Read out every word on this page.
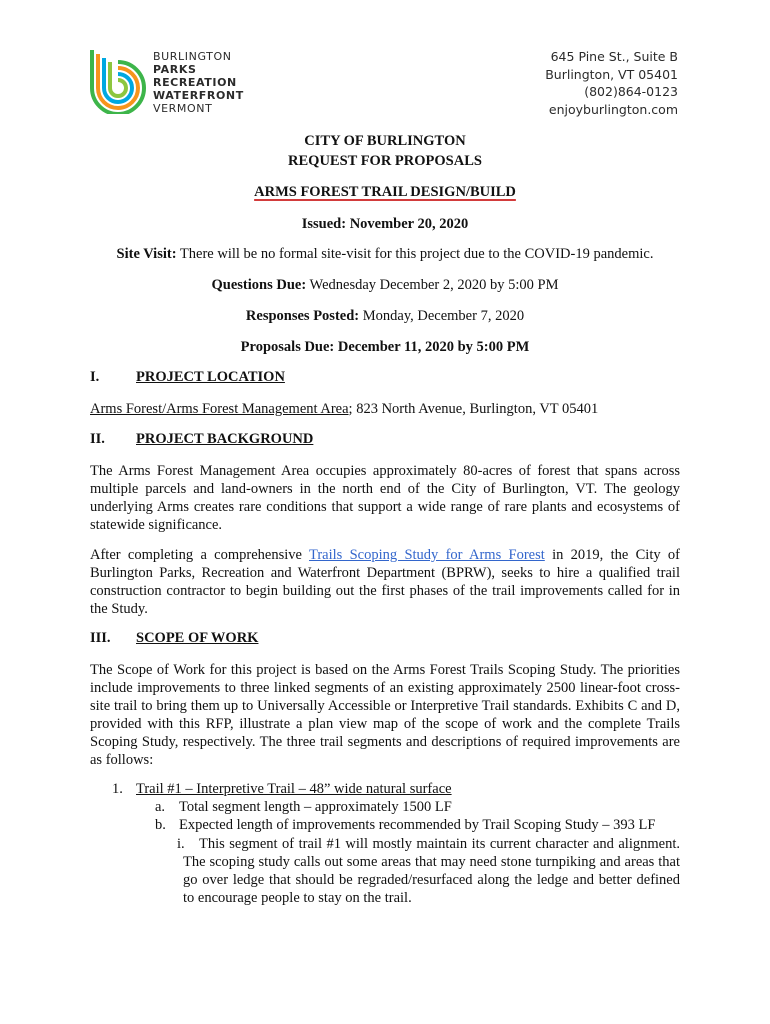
BURLINGTON
PARKS
RECREATION
WATERFRONT
VERMONT
645 Pine St., Suite B
Burlington, VT 05401
(802)864-0123
enjoyburlington.com
CITY OF BURLINGTON
REQUEST FOR PROPOSALS
ARMS FOREST TRAIL DESIGN/BUILD
Issued: November 20, 2020
Site Visit: There will be no formal site-visit for this project due to the COVID-19 pandemic.
Questions Due: Wednesday December 2, 2020 by 5:00 PM
Responses Posted: Monday, December 7, 2020
Proposals Due: December 11, 2020 by 5:00 PM
I.	PROJECT LOCATION
Arms Forest/Arms Forest Management Area; 823 North Avenue, Burlington, VT 05401
II. PROJECT BACKGROUND
The Arms Forest Management Area occupies approximately 80-acres of forest that spans across multiple parcels and land-owners in the north end of the City of Burlington, VT. The geology underlying Arms creates rare conditions that support a wide range of rare plants and ecosystems of statewide significance.
After completing a comprehensive Trails Scoping Study for Arms Forest in 2019, the City of Burlington Parks, Recreation and Waterfront Department (BPRW), seeks to hire a qualified trail construction contractor to begin building out the first phases of the trail improvements called for in the Study.
III. SCOPE OF WORK
The Scope of Work for this project is based on the Arms Forest Trails Scoping Study. The priorities include improvements to three linked segments of an existing approximately 2500 linear-foot cross-site trail to bring them up to Universally Accessible or Interpretive Trail standards. Exhibits C and D, provided with this RFP, illustrate a plan view map of the scope of work and the complete Trails Scoping Study, respectively. The three trail segments and descriptions of required improvements are as follows:
1. Trail #1 – Interpretive Trail – 48” wide natural surface
a. Total segment length – approximately 1500 LF
b. Expected length of improvements recommended by Trail Scoping Study – 393 LF
i. This segment of trail #1 will mostly maintain its current character and alignment. The scoping study calls out some areas that may need stone turnpiking and areas that go over ledge that should be regraded/resurfaced along the ledge and better defined to encourage people to stay on the trail.
